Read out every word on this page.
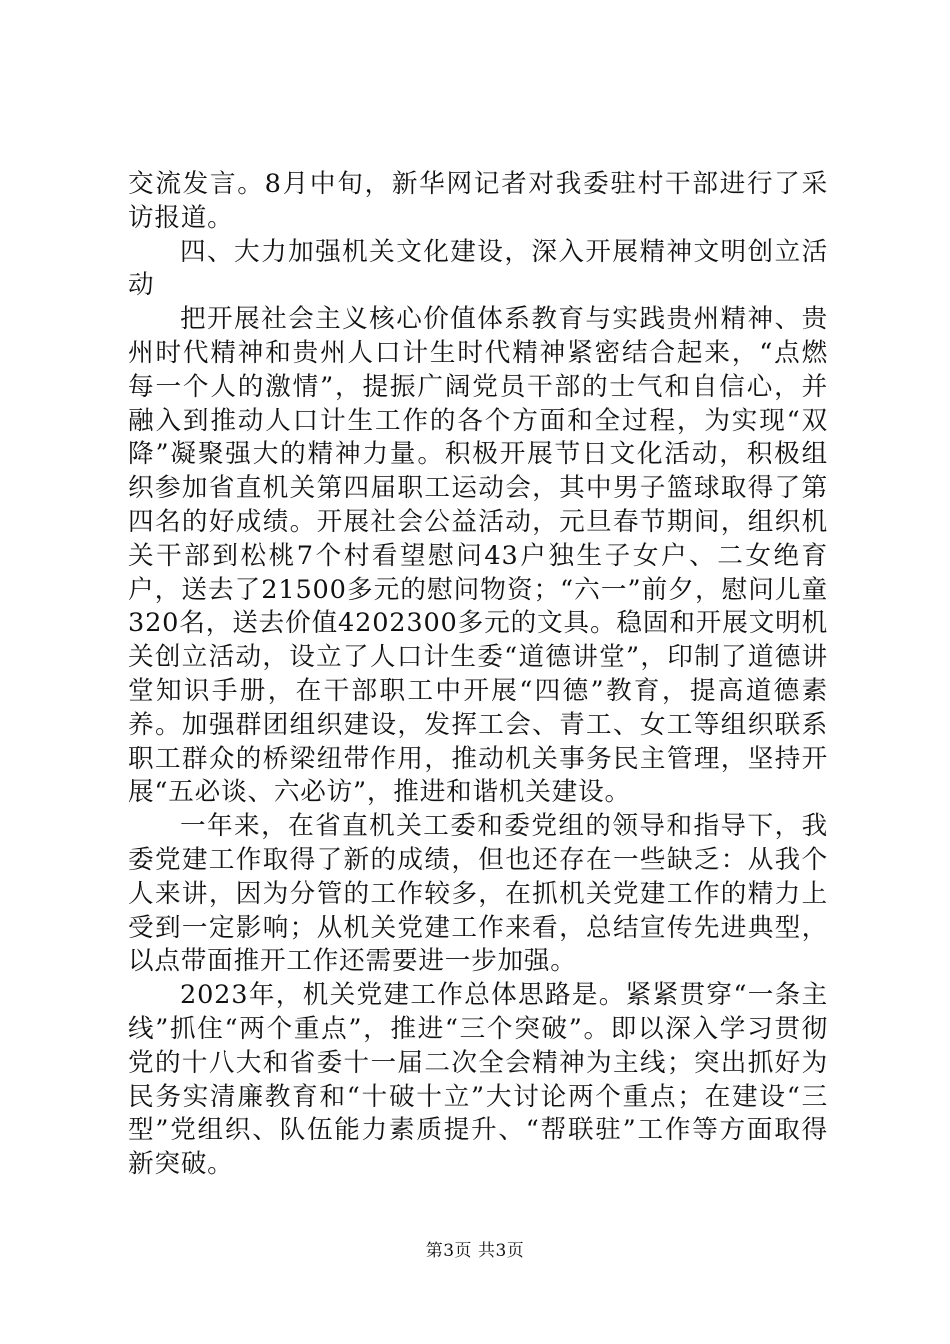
交流发言。8月中旬，新华网记者对我委驻村干部进行了采访报道。

四、大力加强机关文化建设，深入开展精神文明创立活动

把开展社会主义核心价值体系教育与实践贵州精神、贵州时代精神和贵州人口计生时代精神紧密结合起来，“点燃每一个人的激情”，提振广阔党员干部的士气和自信心，并融入到推动人口计生工作的各个方面和全过程，为实现“双降”凝聚强大的精神力量。积极开展节日文化活动，积极组织参加省直机关第四届职工运动会，其中男子篮球取得了第四名的好成绩。开展社会公益活动，元旦春节期间，组织机关干部到松桃7个村看望慰问43户独生子女户、二女绝育户，送去了21500多元的慰问物资；“六一”前夕，慰问儿童320名，送去价值4202300多元的文具。稳固和开展文明机关创立活动，设立了人口计生委“道德讲堂”，印制了道德讲堂知识手册，在干部职工中开展“四德”教育，提高道德素养。加强群团组织建设，发挥工会、青工、女工等组织联系职工群众的桥梁纽带作用，推动机关事务民主管理，坚持开展“五必谈、六必访”，推进和谐机关建设。

一年来，在省直机关工委和委党组的领导和指导下，我委党建工作取得了新的成绩，但也还存在一些缺乏：从我个人来讲，因为分管的工作较多，在抓机关党建工作的精力上受到一定影响；从机关党建工作来看，总结宣传先进典型，以点带面推开工作还需要进一步加强。

2023年，机关党建工作总体思路是。紧紧贯穿“一条主线”抓住“两个重点”，推进“三个突破”。即以深入学习贯彻党的十八大和省委十一届二次全会精神为主线；突出抓好为民务实清廉教育和“十破十立”大讨论两个重点；在建设“三型”党组织、队伍能力素质提升、“帮联驻”工作等方面取得新突破。

第3页 共3页
